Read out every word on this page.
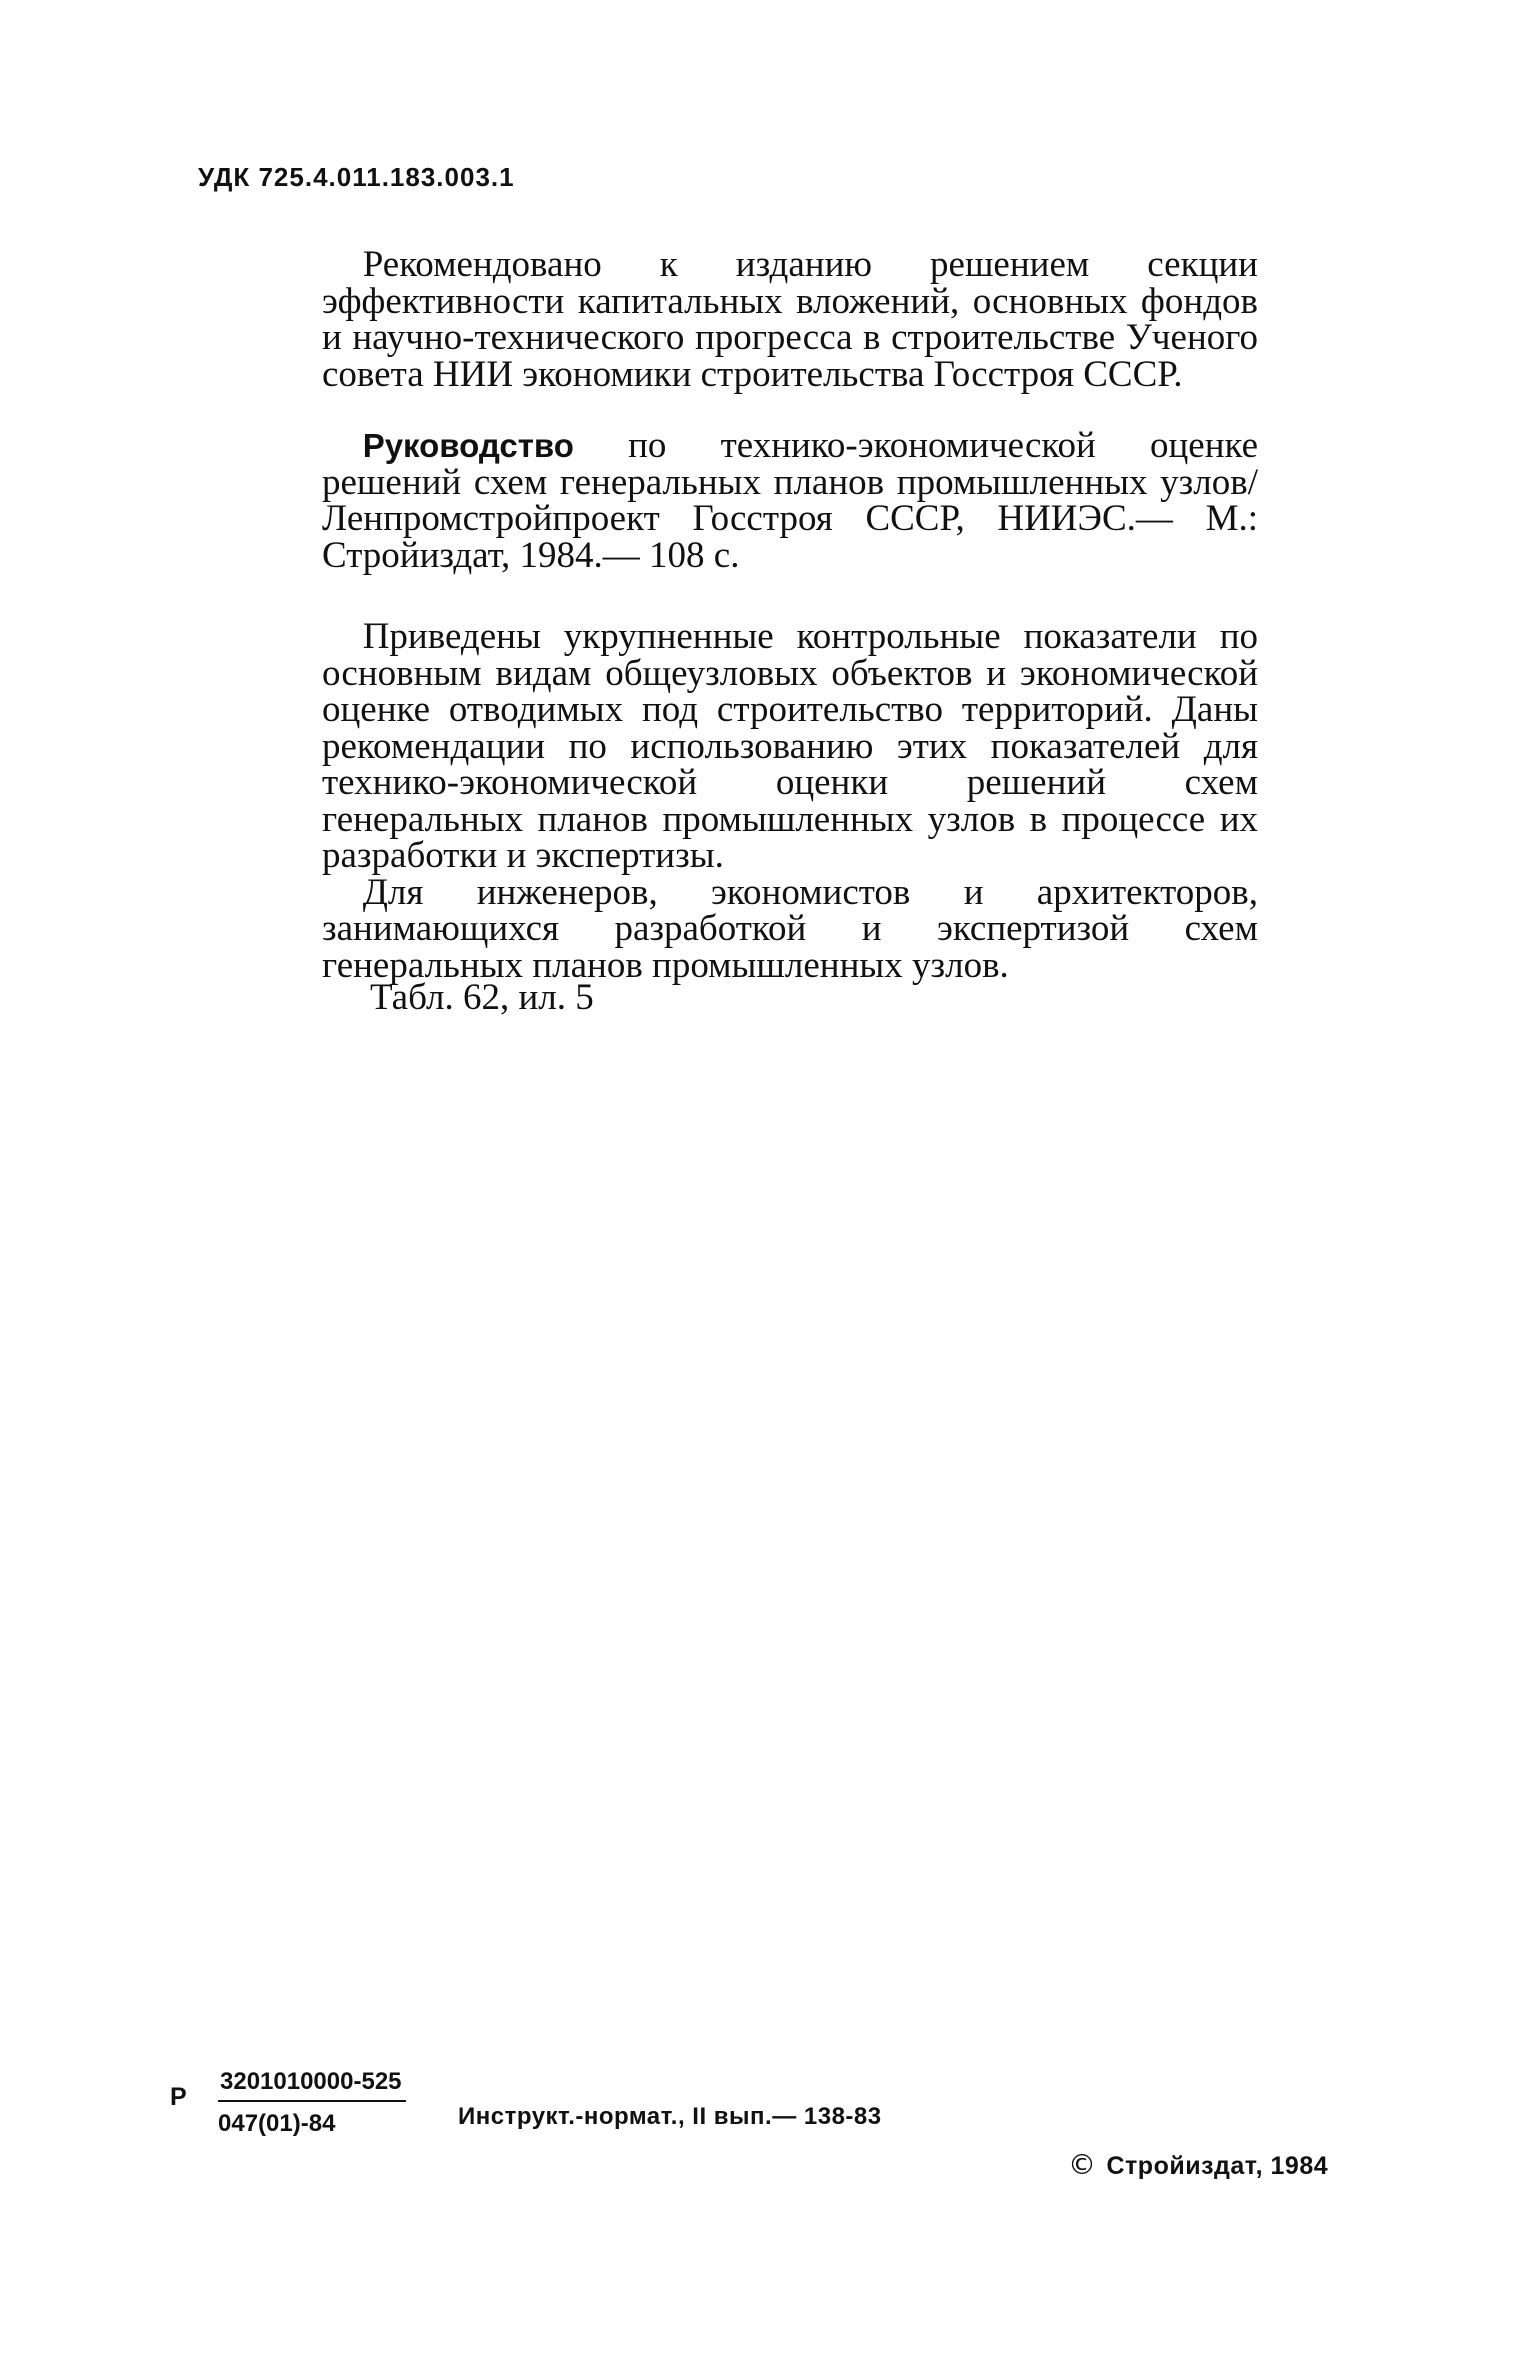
УДК 725.4.011.183.003.1

Рекомендовано к изданию решением секции эффективности капитальных вложений, основных фондов и научно-технического прогресса в строительстве Ученого совета НИИ экономики строительства Госстроя СССР.

Руководство по технико-экономической оценке решений схем генеральных планов промышленных узлов/Ленпромстройпроект Госстроя СССР, НИИЭС.— М.: Стройиздат, 1984.— 108 с.

Приведены укрупненные контрольные показатели по основным видам общеузловых объектов и экономической оценке отводимых под строительство территорий. Даны рекомендации по использованию этих показателей для технико-экономической оценки решений схем генеральных планов промышленных узлов в процессе их разработки и экспертизы.

Для инженеров, экономистов и архитекторов, занимающихся разработкой и экспертизой схем генеральных планов промышленных узлов.

Табл. 62, ил. 5
Р $\frac{3201010000-525}{047(01)-84}$ Инструкт.-нормат., II вып.— 138-83
© Стройиздат, 1984
